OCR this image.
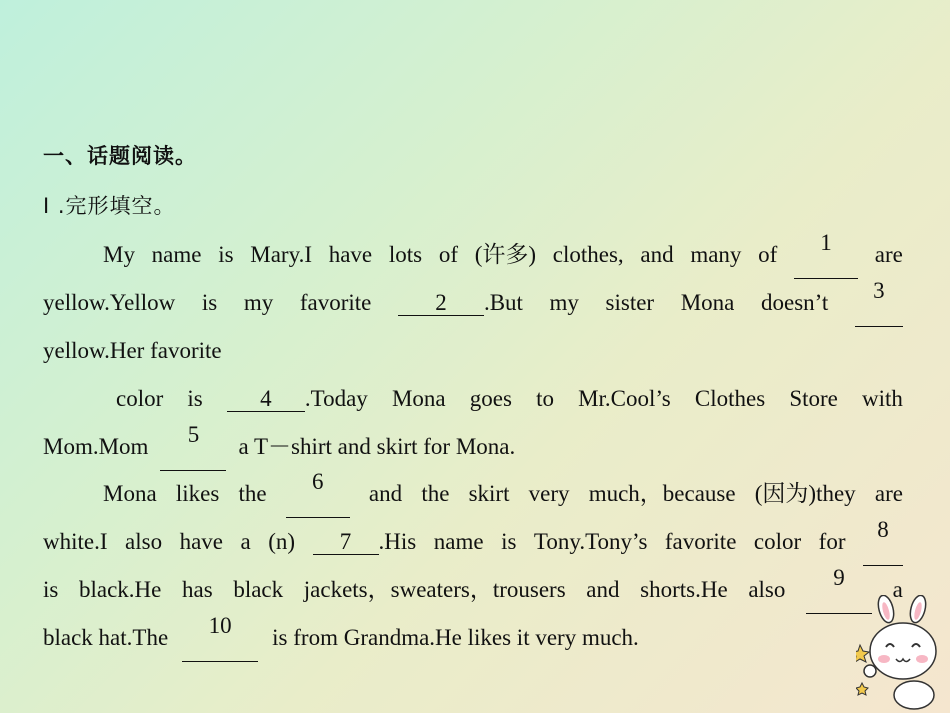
一、话题阅读。
Ⅰ .完形填空。
My name is Mary.I have lots of (许多) clothes, and many of	1	are
yellow.Yellow is my favorite	2 .But my sister Mona doesn’t	3
yellow.Her favorite
color is	4 .Today Mona goes to Mr.Cool’s Clothes Store with
Mom.Mom	5	a T－shirt and skirt for Mona.
Mona likes the	6	and the skirt very much，because (因为)they are
white.I also have a (n)	7 .His name is Tony.Tony’s favorite color for	8
is black.He has black jackets，sweaters，trousers and shorts.He also	9	a
black hat.The	10	is from Grandma.He likes it very much.
